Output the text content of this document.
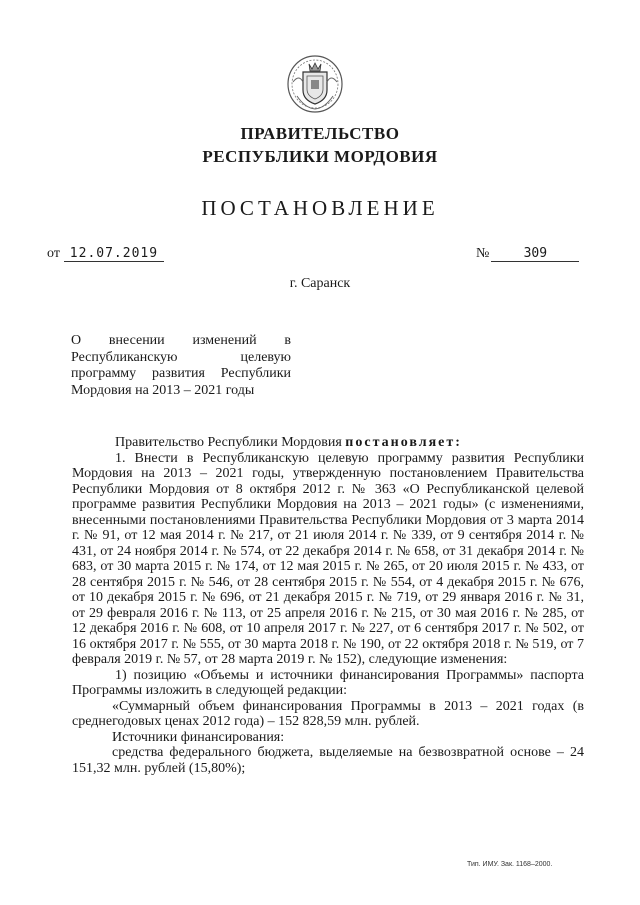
ПРАВИТЕЛЬСТВО
РЕСПУБЛИКИ МОРДОВИЯ
ПОСТАНОВЛЕНИЕ
от 12.07.2019	№	309
г. Саранск
О внесении изменений в
Республиканскую целевую
программу развития Республики
Мордовия на 2013 – 2021 годы
Правительство Республики Мордовия постановляет:
1. Внести в Республиканскую целевую программу развития Республики Мордовия на 2013 – 2021 годы, утвержденную постановлением Правительства Республики Мордовия от 8 октября 2012 г. № 363 «О Республиканской целевой программе развития Республики Мордовия на 2013 – 2021 годы» (с изменениями, внесенными постановлениями Правительства Республики Мордовия от 3 марта 2014 г. № 91, от 12 мая 2014 г. № 217, от 21 июля 2014 г. № 339, от 9 сентября 2014 г. № 431, от 24 ноября 2014 г. № 574, от 22 декабря 2014 г. № 658, от 31 декабря 2014 г. № 683, от 30 марта 2015 г. № 174, от 12 мая 2015 г. № 265, от 20 июля 2015 г. № 433, от 28 сентября 2015 г. № 546, от 28 сентября 2015 г. № 554, от 4 декабря 2015 г. № 676, от 10 декабря 2015 г. № 696, от 21 декабря 2015 г. № 719, от 29 января 2016 г. № 31, от 29 февраля 2016 г. № 113, от 25 апреля 2016 г. № 215, от 30 мая 2016 г. № 285, от 12 декабря 2016 г. № 608, от 10 апреля 2017 г. № 227, от 6 сентября 2017 г. № 502, от 16 октября 2017 г. № 555, от 30 марта 2018 г. № 190, от 22 октября 2018 г. № 519, от 7 февраля 2019 г. № 57, от 28 марта 2019 г. № 152), следующие изменения:
1) позицию «Объемы и источники финансирования Программы» паспорта Программы изложить в следующей редакции:
«Суммарный объем финансирования Программы в 2013 – 2021 годах (в среднегодовых ценах 2012 года) – 152 828,59 млн. рублей.
Источники финансирования:
средства федерального бюджета, выделяемые на безвозвратной основе – 24 151,32 млн. рублей (15,80%);
Тип. ИМУ. Зак. 1168–2000.
